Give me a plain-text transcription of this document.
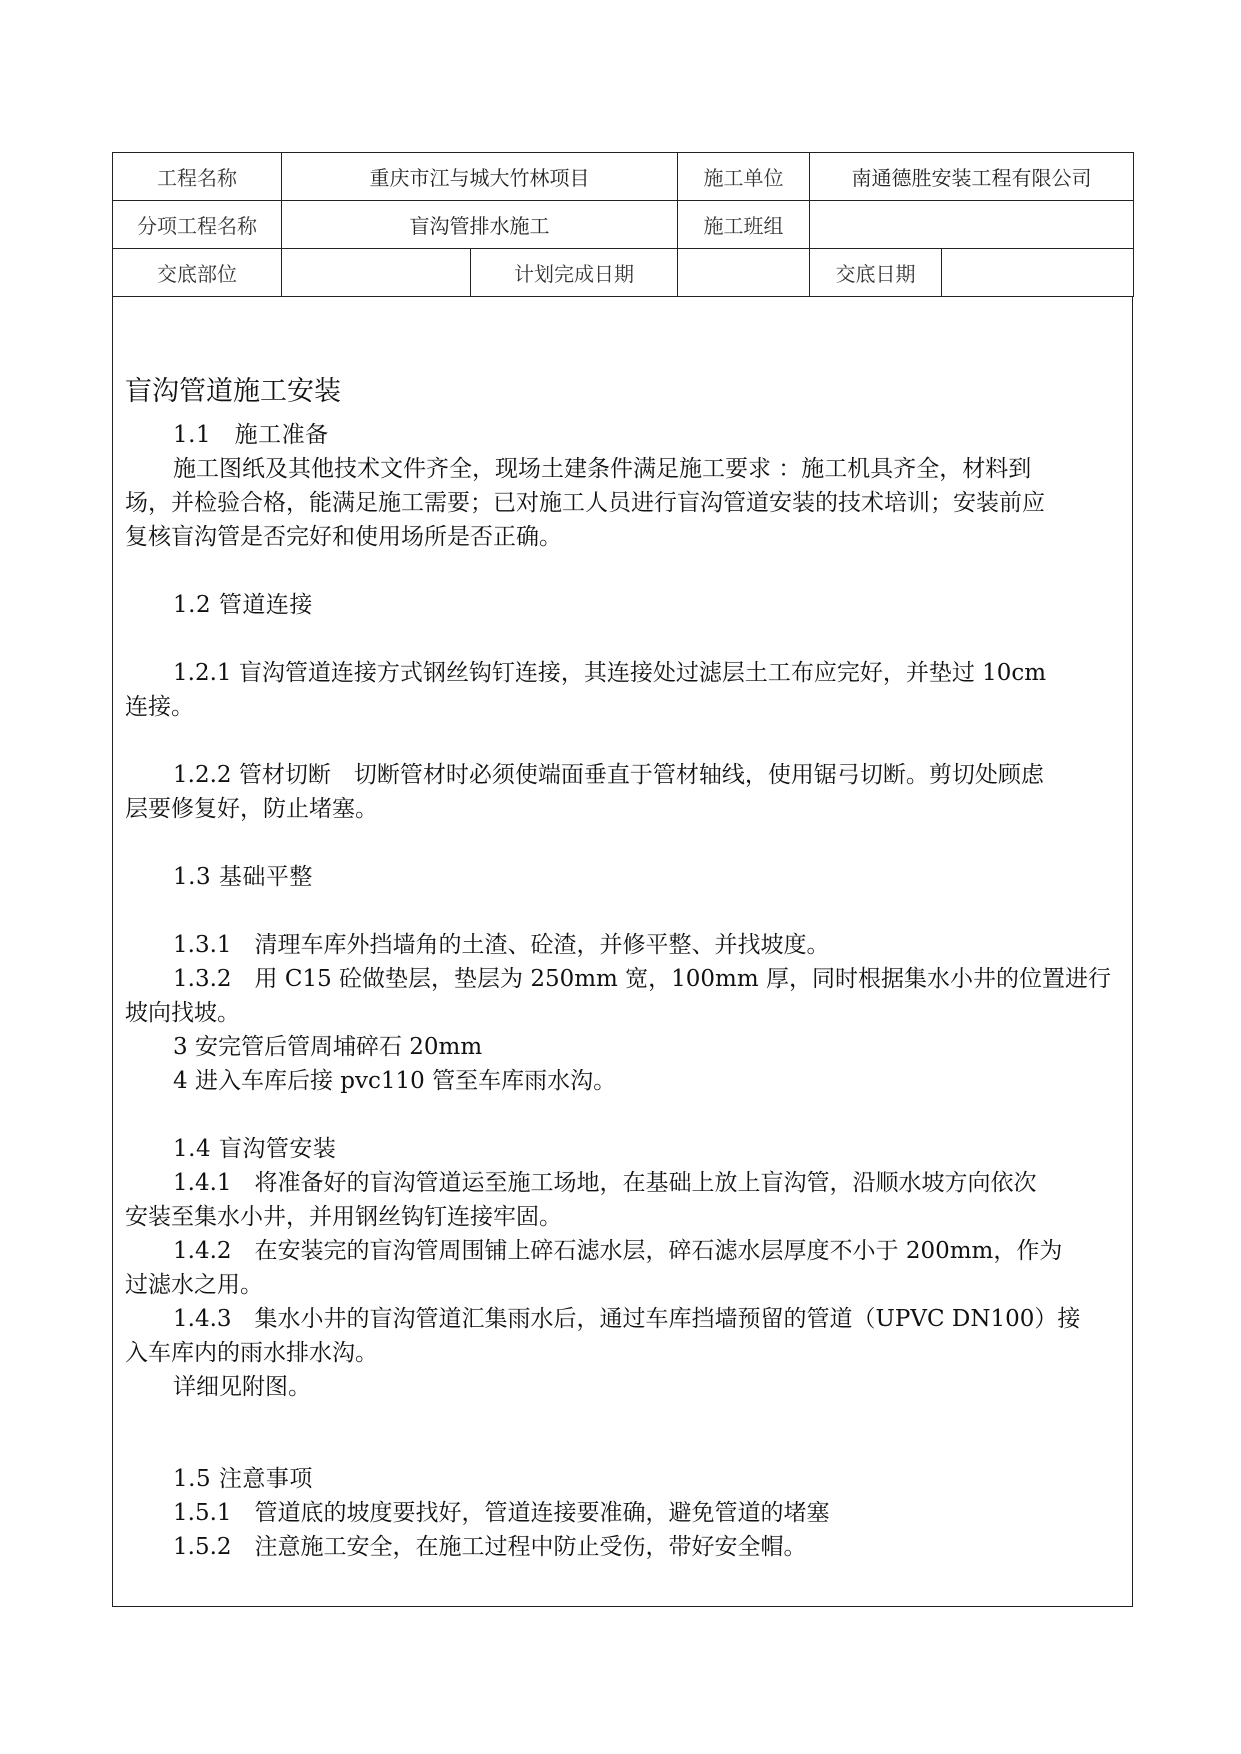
工程名称	重庆市江与城大竹林项目		施工单位	南通德胜安装工程有限公司	
分项工程名称	盲沟管排水施工		施工班组		
交底部位		计划完成日期		交底日期	

盲沟管道施工安装

1.1　施工准备

施工图纸及其他技术文件齐全，现场土建条件满足施工要求 ：施工机具齐全，材料到

场，并检验合格，能满足施工需要；已对施工人员进行盲沟管道安装的技术培训；安装前应

复核盲沟管是否完好和使用场所是否正确。

1.2 管道连接

1.2.1 盲沟管道连接方式钢丝钩钉连接，其连接处过滤层土工布应完好，并垫过 10cm

连接。

1.2.2 管材切断　切断管材时必须使端面垂直于管材轴线，使用锯弓切断。剪切处顾虑

层要修复好，防止堵塞。

1.3 基础平整

1.3.1　清理车库外挡墙角的土渣、砼渣，并修平整、并找坡度。

1.3.2　用 C15 砼做垫层，垫层为 250mm 宽，100mm 厚，同时根据集水小井的位置进行

坡向找坡。

3 安完管后管周埔碎石 20mm

4 进入车库后接 pvc110 管至车库雨水沟。

1.4 盲沟管安装

1.4.1　将准备好的盲沟管道运至施工场地，在基础上放上盲沟管，沿顺水坡方向依次

安装至集水小井，并用钢丝钩钉连接牢固。

1.4.2　在安装完的盲沟管周围铺上碎石滤水层，碎石滤水层厚度不小于 200mm，作为

过滤水之用。

1.4.3　集水小井的盲沟管道汇集雨水后，通过车库挡墙预留的管道（UPVC DN100）接

入车库内的雨水排水沟。

详细见附图。

1.5 注意事项

1.5.1　管道底的坡度要找好，管道连接要准确，避免管道的堵塞

1.5.2　注意施工安全，在施工过程中防止受伤，带好安全帽。
